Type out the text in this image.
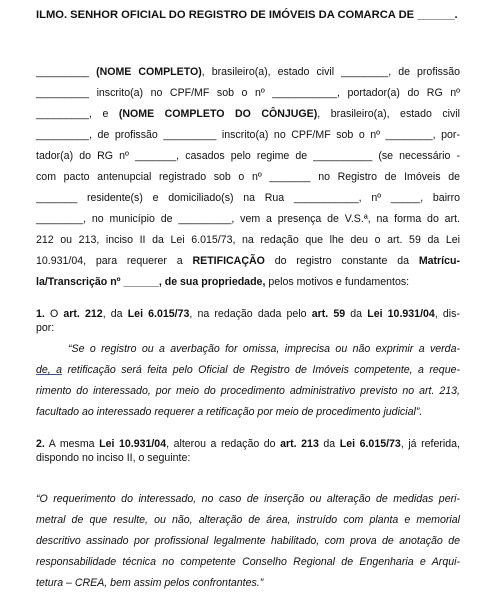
ILMO. SENHOR OFICIAL DO REGISTRO DE IMÓVEIS DA COMARCA DE ______.
_________ (NOME COMPLETO), brasileiro(a), estado civil ________, de profissão
_________ inscrito(a) no CPF/MF sob o nº ___________, portador(a) do RG nº
_________, e (NOME COMPLETO DO CÔNJUGE), brasileiro(a), estado civil
_________, de profissão _________ inscrito(a) no CPF/MF sob o nº ________, por-
tador(a) do RG nº _______, casados pelo regime de __________ (se necessário -
com pacto antenupcial registrado sob o nº _______ no Registro de Imóveis de
_______ residente(s) e domiciliado(s) na Rua ___________, nº _____, bairro
________, no município de _________, vem a presença de V.S.ª, na forma do art.
212 ou 213, inciso II da Lei 6.015/73, na redação que lhe deu o art. 59 da Lei
10.931/04, para requerer a RETIFICAÇÃO do registro constante da Matrícu-
la/Transcrição nº ______, de sua propriedade, pelos motivos e fundamentos:
1. O art. 212, da Lei 6.015/73, na redação dada pelo art. 59 da Lei 10.931/04, dis-
por:
“Se o registro ou a averbação for omissa, imprecisa ou não exprimir a verda-
de, a retificação será feita pelo Oficial de Registro de Imóveis competente, a reque-
rimento do interessado, por meio do procedimento administrativo previsto no art. 213,
facultado ao interessado requerer a retificação por meio de procedimento judicial”.
2. A mesma Lei 10.931/04, alterou a redação do art. 213 da Lei 6.015/73, já referida,
dispondo no inciso II, o seguinte:
“O requerimento do interessado, no caso de inserção ou alteração de medidas peri-
metral de que resulte, ou não, alteração de área, instruído com planta e memorial
descritivo assinado por profissional legalmente habilitado, com prova de anotação de
responsabilidade técnica no competente Conselho Regional de Engenharia e Arqui-
tetura – CREA, bem assim pelos confrontantes.”
